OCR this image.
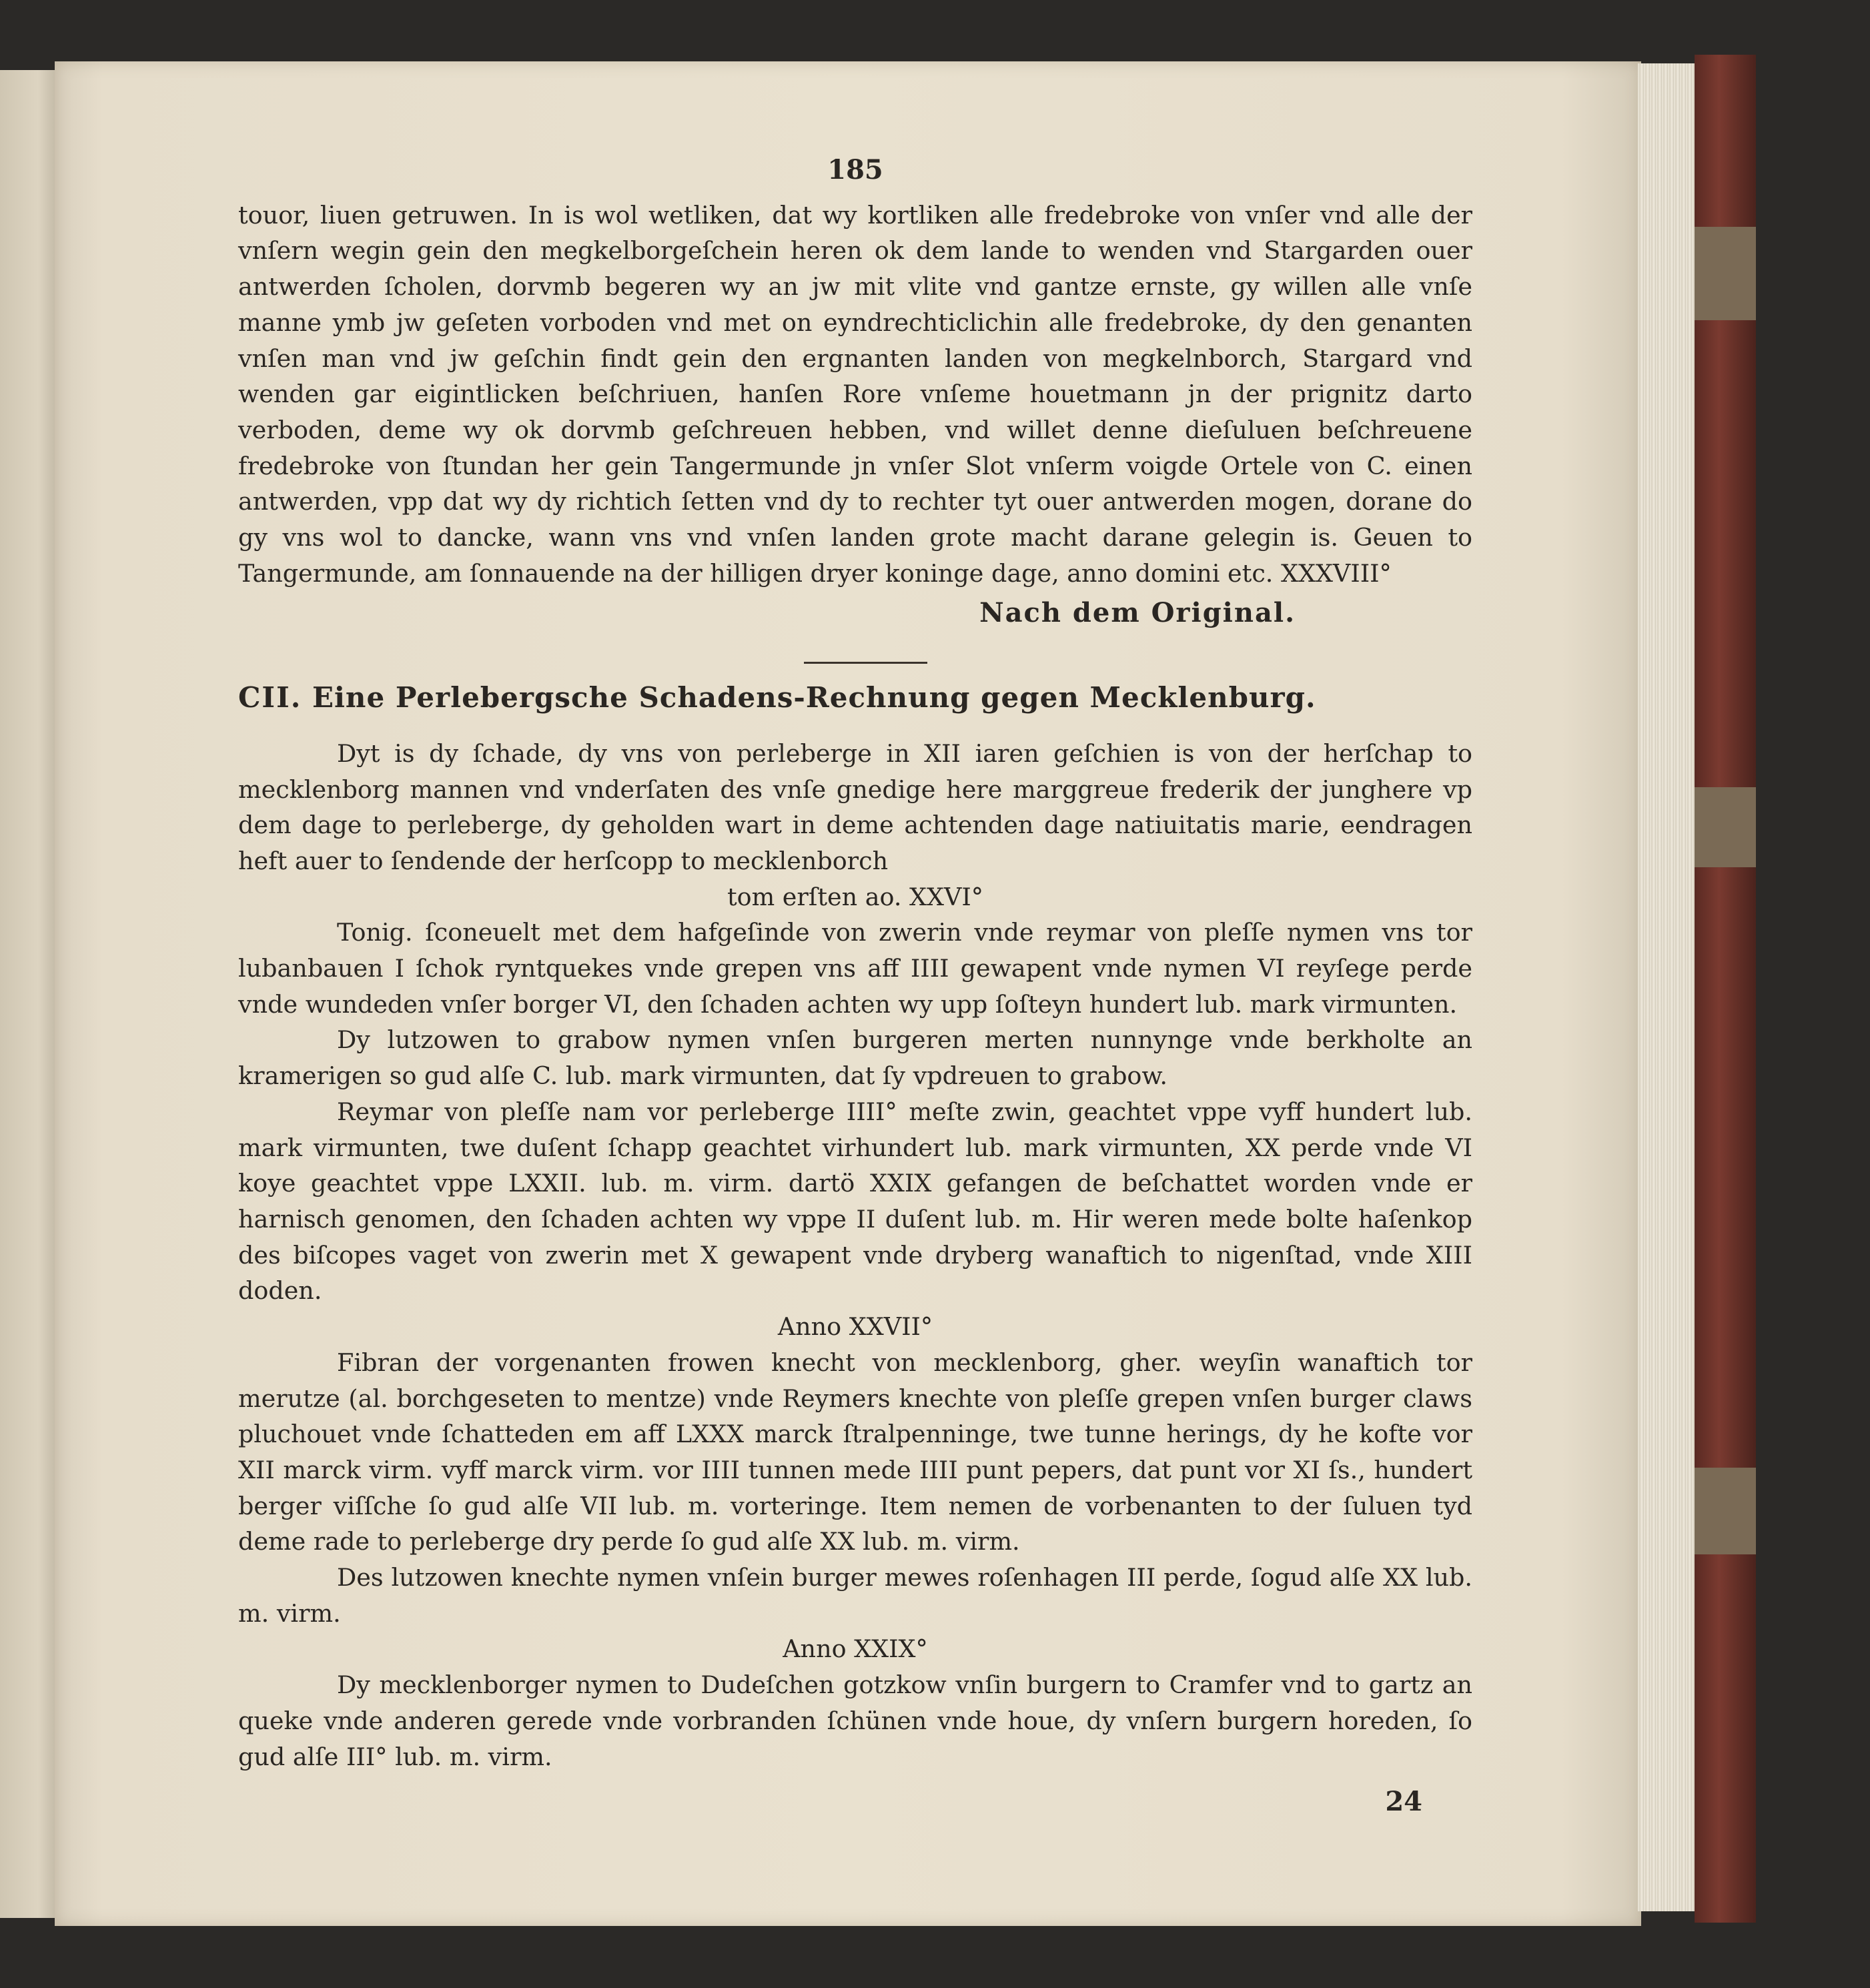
185

touor, liuen getruwen. In is wol wetliken, dat wy kortliken alle fredebroke von vnſer vnd alle der vnſern wegin gein den megkelborgeſchein heren ok dem lande to wenden vnd Stargarden ouer antwerden ſcholen, dorvmb begeren wy an jw mit vlite vnd gantze ernste, gy willen alle vnſe manne ymb jw geſeten vorboden vnd met on eyndrechticlichin alle fredebroke, dy den genanten vnſen man vnd jw geſchin findt gein den ergnanten landen von megkelnborch, Stargard vnd wenden gar eigintlicken beſchriuen, hanſen Rore vnſeme houetmann jn der prignitz darto verboden, deme wy ok dorvmb geſchreuen hebben, vnd willet denne dieſuluen beſchreuene fredebroke von ſtundan her gein Tangermunde jn vnſer Slot vnſerm voigde Ortele von C. einen antwerden, vpp dat wy dy richtich ſetten vnd dy to rechter tyt ouer antwerden mogen, dorane do gy vns wol to dancke, wann vns vnd vnſen landen grote macht darane gelegin is. Geuen to Tangermunde, am ſonnauende na der hilligen dryer koninge dage, anno domini etc. XXXVIII°

Nach dem Original.
CII. Eine Perlebergsche Schadens-Rechnung gegen Mecklenburg.

Dyt is dy ſchade, dy vns von perleberge in XII iaren geſchien is von der herſchap to mecklenborg mannen vnd vnderſaten des vnſe gnedige here marggreue frederik der junghere vp dem dage to perleberge, dy geholden wart in deme achtenden dage natiuitatis marie, eendragen heft auer to ſendende der herſcopp to mecklenborch

tom erſten ao. XXVI°

Tonig. ſconeuelt met dem hafgeſinde von zwerin vnde reymar von pleſſe nymen vns tor lubanbauen I ſchok ryntquekes vnde grepen vns aff IIII gewapent vnde nymen VI reyſege perde vnde wundeden vnſer borger VI, den ſchaden achten wy upp ſoſteyn hundert lub. mark virmunten.

Dy lutzowen to grabow nymen vnſen burgeren merten nunnynge vnde berkholte an kramerigen so gud alſe C. lub. mark virmunten, dat ſy vpdreuen to grabow.

Reymar von pleſſe nam vor perleberge IIII° meſte zwin, geachtet vppe vyff hundert lub. mark virmunten, twe duſent ſchapp geachtet virhundert lub. mark virmunten, XX perde vnde VI koye geachtet vppe LXXII. lub. m. virm. dartö XXIX gefangen de beſchattet worden vnde er harnisch genomen, den ſchaden achten wy vppe II duſent lub. m. Hir weren mede bolte haſenkop des biſcopes vaget von zwerin met X gewapent vnde dryberg wanaftich to nigenſtad, vnde XIII doden.

Anno XXVII°

Fibran der vorgenanten frowen knecht von mecklenborg, gher. weyſin wanaftich tor merutze (al. borchgeseten to mentze) vnde Reymers knechte von pleſſe grepen vnſen burger claws pluchouet vnde ſchatteden em aff LXXX marck ſtralpenninge, twe tunne herings, dy he kofte vor XII marck virm. vyff marck virm. vor IIII tunnen mede IIII punt pepers, dat punt vor XI ſs., hundert berger viſſche ſo gud alſe VII lub. m. vorteringe. Item nemen de vorbenanten to der ſuluen tyd deme rade to perleberge dry perde ſo gud alſe XX lub. m. virm.

Des lutzowen knechte nymen vnſein burger mewes roſenhagen III perde, ſogud alſe XX lub. m. virm.

Anno XXIX°

Dy mecklenborger nymen to Dudeſchen gotzkow vnſin burgern to Cramfer vnd to gartz an queke vnde anderen gerede vnde vorbranden ſchünen vnde houe, dy vnſern burgern horeden, ſo gud alſe III° lub. m. virm.

24
